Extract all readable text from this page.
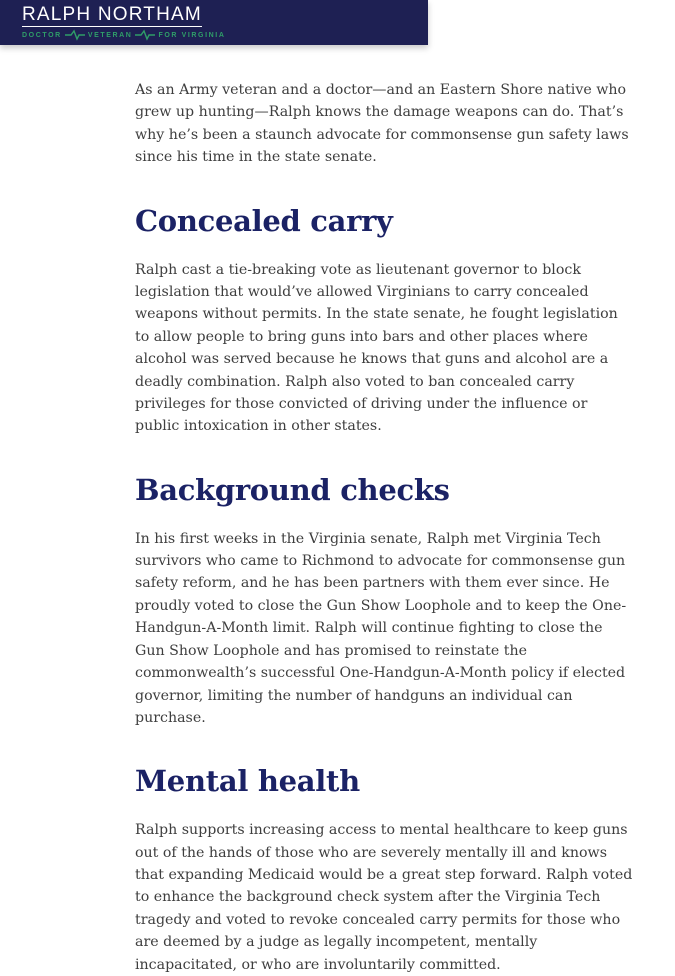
RALPH NORTHAM
DOCTOR	VETERAN	FOR VIRGINIA

As an Army veteran and a doctor—and an Eastern Shore native who grew up hunting—Ralph knows the damage weapons can do. That’s why he’s been a staunch advocate for commonsense gun safety laws since his time in the state senate.

Concealed carry

Ralph cast a tie-breaking vote as lieutenant governor to block legislation that would’ve allowed Virginians to carry concealed weapons without permits. In the state senate, he fought legislation to allow people to bring guns into bars and other places where alcohol was served because he knows that guns and alcohol are a deadly combination. Ralph also voted to ban concealed carry privileges for those convicted of driving under the influence or public intoxication in other states.

Background checks

In his first weeks in the Virginia senate, Ralph met Virginia Tech survivors who came to Richmond to advocate for commonsense gun safety reform, and he has been partners with them ever since. He proudly voted to close the Gun Show Loophole and to keep the One-Handgun-A-Month limit. Ralph will continue fighting to close the Gun Show Loophole and has promised to reinstate the commonwealth’s successful One-Handgun-A-Month policy if elected governor, limiting the number of handguns an individual can purchase.

Mental health

Ralph supports increasing access to mental healthcare to keep guns out of the hands of those who are severely mentally ill and knows that expanding Medicaid would be a great step forward. Ralph voted to enhance the background check system after the Virginia Tech tragedy and voted to revoke concealed carry permits for those who are deemed by a judge as legally incompetent, mentally incapacitated, or who are involuntarily committed.
